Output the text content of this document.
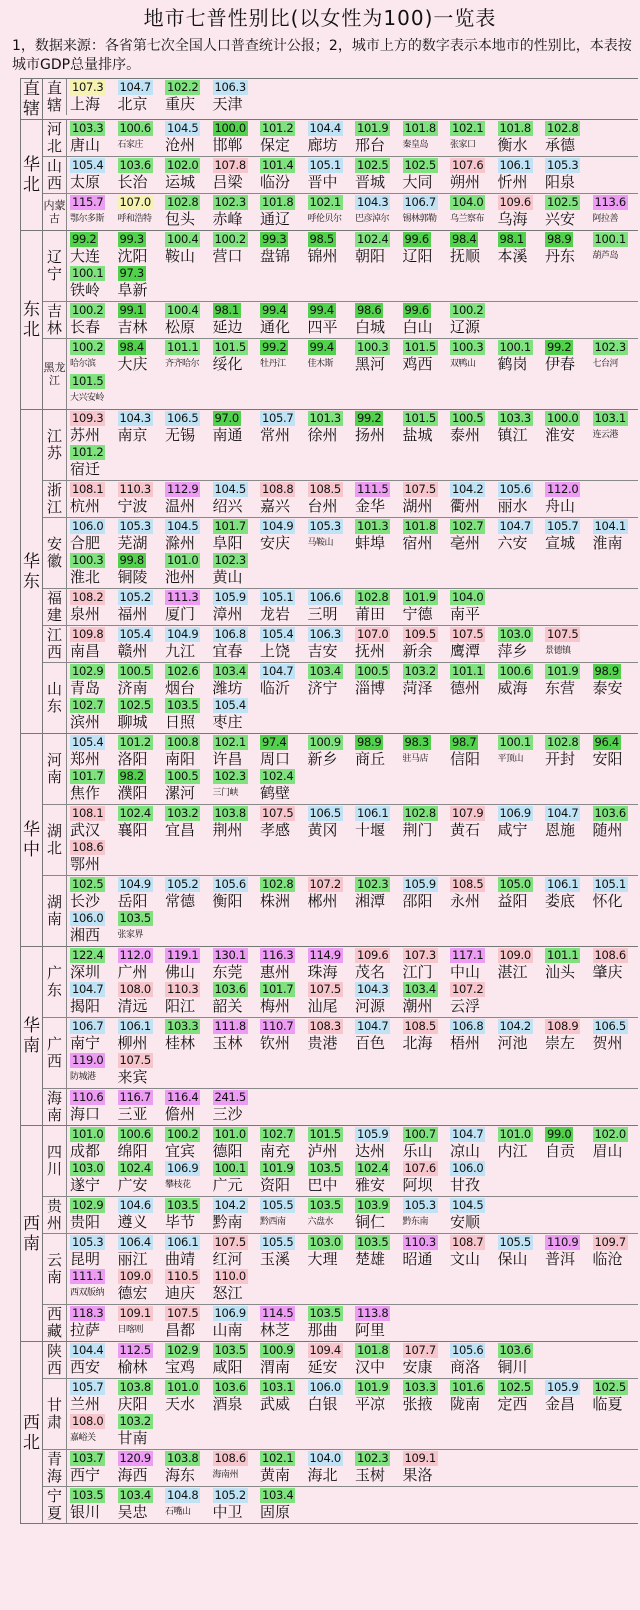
地市七普性别比(以女性为100)一览表
1，数据来源：各省第七次全国人口普查统计公报；2，城市上方的数字表示本地市的性别比，本表按城市GDP总量排序。
直辖
直辖
107.3
上海
104.7
北京
102.2
重庆
106.3
天津
华北
河北
103.3
唐山
100.6
石家庄
104.5
沧州
100.0
邯郸
101.2
保定
104.4
廊坊
101.9
邢台
101.8
秦皇岛
102.1
张家口
101.8
衡水
102.8
承德
山西
105.4
太原
103.6
长治
102.0
运城
107.8
吕梁
101.4
临汾
105.1
晋中
102.5
晋城
102.5
大同
107.6
朔州
106.1
忻州
105.3
阳泉
内蒙古
115.7
鄂尔多斯
107.0
呼和浩特
102.8
包头
102.3
赤峰
101.8
通辽
102.1
呼伦贝尔
104.3
巴彦淖尔
106.7
锡林郭勒
104.0
乌兰察布
109.6
乌海
102.5
兴安
113.6
阿拉善
东北
辽宁
99.2
大连
99.3
沈阳
100.4
鞍山
100.2
营口
99.3
盘锦
98.5
锦州
102.4
朝阳
99.6
辽阳
98.4
抚顺
98.1
本溪
98.9
丹东
100.1
葫芦岛
100.1
铁岭
97.3
阜新
吉林
100.2
长春
99.1
吉林
100.4
松原
98.1
延边
99.4
通化
99.4
四平
98.6
白城
99.6
白山
100.2
辽源
黑龙江
100.2
哈尔滨
98.4
大庆
101.1
齐齐哈尔
101.5
绥化
99.2
牡丹江
99.4
佳木斯
100.3
黑河
101.5
鸡西
100.3
双鸭山
100.1
鹤岗
99.2
伊春
102.3
七台河
101.5
大兴安岭
华东
江苏
109.3
苏州
104.3
南京
106.5
无锡
97.0
南通
105.7
常州
101.3
徐州
99.2
扬州
101.5
盐城
100.5
泰州
103.3
镇江
100.0
淮安
103.1
连云港
101.2
宿迁
浙江
108.1
杭州
110.3
宁波
112.9
温州
104.5
绍兴
108.8
嘉兴
108.5
台州
111.5
金华
107.5
湖州
104.2
衢州
105.6
丽水
112.0
舟山
安徽
106.0
合肥
105.3
芜湖
104.5
滁州
101.7
阜阳
104.9
安庆
105.3
马鞍山
101.3
蚌埠
101.8
宿州
102.7
亳州
104.7
六安
105.7
宣城
104.1
淮南
100.3
淮北
99.8
铜陵
101.0
池州
102.3
黄山
福建
108.2
泉州
105.2
福州
111.3
厦门
105.9
漳州
105.1
龙岩
106.6
三明
102.8
莆田
101.9
宁德
104.0
南平
江西
109.8
南昌
105.4
赣州
104.9
九江
106.8
宜春
105.4
上饶
106.3
吉安
107.0
抚州
109.5
新余
107.5
鹰潭
103.0
萍乡
107.5
景德镇
山东
102.9
青岛
100.5
济南
102.6
烟台
103.4
潍坊
104.7
临沂
103.4
济宁
100.5
淄博
103.2
菏泽
101.1
德州
100.6
威海
101.9
东营
98.9
泰安
102.7
滨州
102.5
聊城
103.5
日照
105.4
枣庄
华中
河南
105.4
郑州
101.2
洛阳
100.8
南阳
102.1
许昌
97.4
周口
100.9
新乡
98.9
商丘
98.3
驻马店
98.7
信阳
100.1
平顶山
102.8
开封
96.4
安阳
101.7
焦作
98.2
濮阳
100.5
漯河
102.3
三门峡
102.4
鹤壁
湖北
108.1
武汉
102.4
襄阳
103.2
宜昌
103.8
荆州
107.5
孝感
106.5
黄冈
106.1
十堰
102.8
荆门
107.9
黄石
106.9
咸宁
104.7
恩施
103.6
随州
108.6
鄂州
湖南
102.5
长沙
104.9
岳阳
105.2
常德
105.6
衡阳
102.8
株洲
107.2
郴州
102.3
湘潭
105.9
邵阳
108.5
永州
105.0
益阳
106.1
娄底
105.1
怀化
106.0
湘西
103.5
张家界
华南
广东
122.4
深圳
112.0
广州
119.1
佛山
130.1
东莞
116.3
惠州
114.9
珠海
109.6
茂名
107.3
江门
117.1
中山
109.0
湛江
101.1
汕头
108.6
肇庆
104.7
揭阳
108.0
清远
110.3
阳江
103.6
韶关
101.7
梅州
107.5
汕尾
104.3
河源
103.4
潮州
107.2
云浮
广西
106.7
南宁
106.1
柳州
103.3
桂林
111.8
玉林
110.7
钦州
108.3
贵港
104.7
百色
108.5
北海
106.8
梧州
104.2
河池
108.9
崇左
106.5
贺州
119.0
防城港
107.5
来宾
海南
110.6
海口
116.7
三亚
116.4
儋州
241.5
三沙
西南
四川
101.0
成都
100.6
绵阳
100.2
宜宾
101.0
德阳
102.7
南充
101.5
泸州
105.9
达州
100.7
乐山
104.7
凉山
101.0
内江
99.0
自贡
102.0
眉山
103.0
遂宁
102.4
广安
106.9
攀枝花
100.1
广元
101.9
资阳
103.5
巴中
102.4
雅安
107.6
阿坝
106.0
甘孜
贵州
102.9
贵阳
104.6
遵义
103.5
毕节
104.2
黔南
105.5
黔西南
103.5
六盘水
103.9
铜仁
105.3
黔东南
104.5
安顺
云南
105.3
昆明
106.4
丽江
106.1
曲靖
107.5
红河
105.5
玉溪
103.0
大理
103.5
楚雄
110.3
昭通
108.7
文山
105.5
保山
110.9
普洱
109.7
临沧
111.1
西双版纳
109.0
德宏
110.5
迪庆
110.0
怒江
西藏
118.3
拉萨
109.1
日喀则
107.5
昌都
106.9
山南
114.5
林芝
103.5
那曲
113.8
阿里
西北
陕西
104.4
西安
112.5
榆林
102.9
宝鸡
103.5
咸阳
100.9
渭南
109.4
延安
101.8
汉中
107.7
安康
105.6
商洛
103.6
铜川
甘肃
105.7
兰州
103.8
庆阳
101.0
天水
103.6
酒泉
103.1
武威
106.0
白银
101.9
平凉
103.3
张掖
101.6
陇南
102.5
定西
105.9
金昌
102.5
临夏
108.0
嘉峪关
103.2
甘南
青海
103.7
西宁
120.9
海西
103.8
海东
108.6
海南州
102.1
黄南
104.0
海北
102.3
玉树
109.1
果洛
宁夏
103.5
银川
103.4
吴忠
104.8
石嘴山
105.2
中卫
103.4
固原
